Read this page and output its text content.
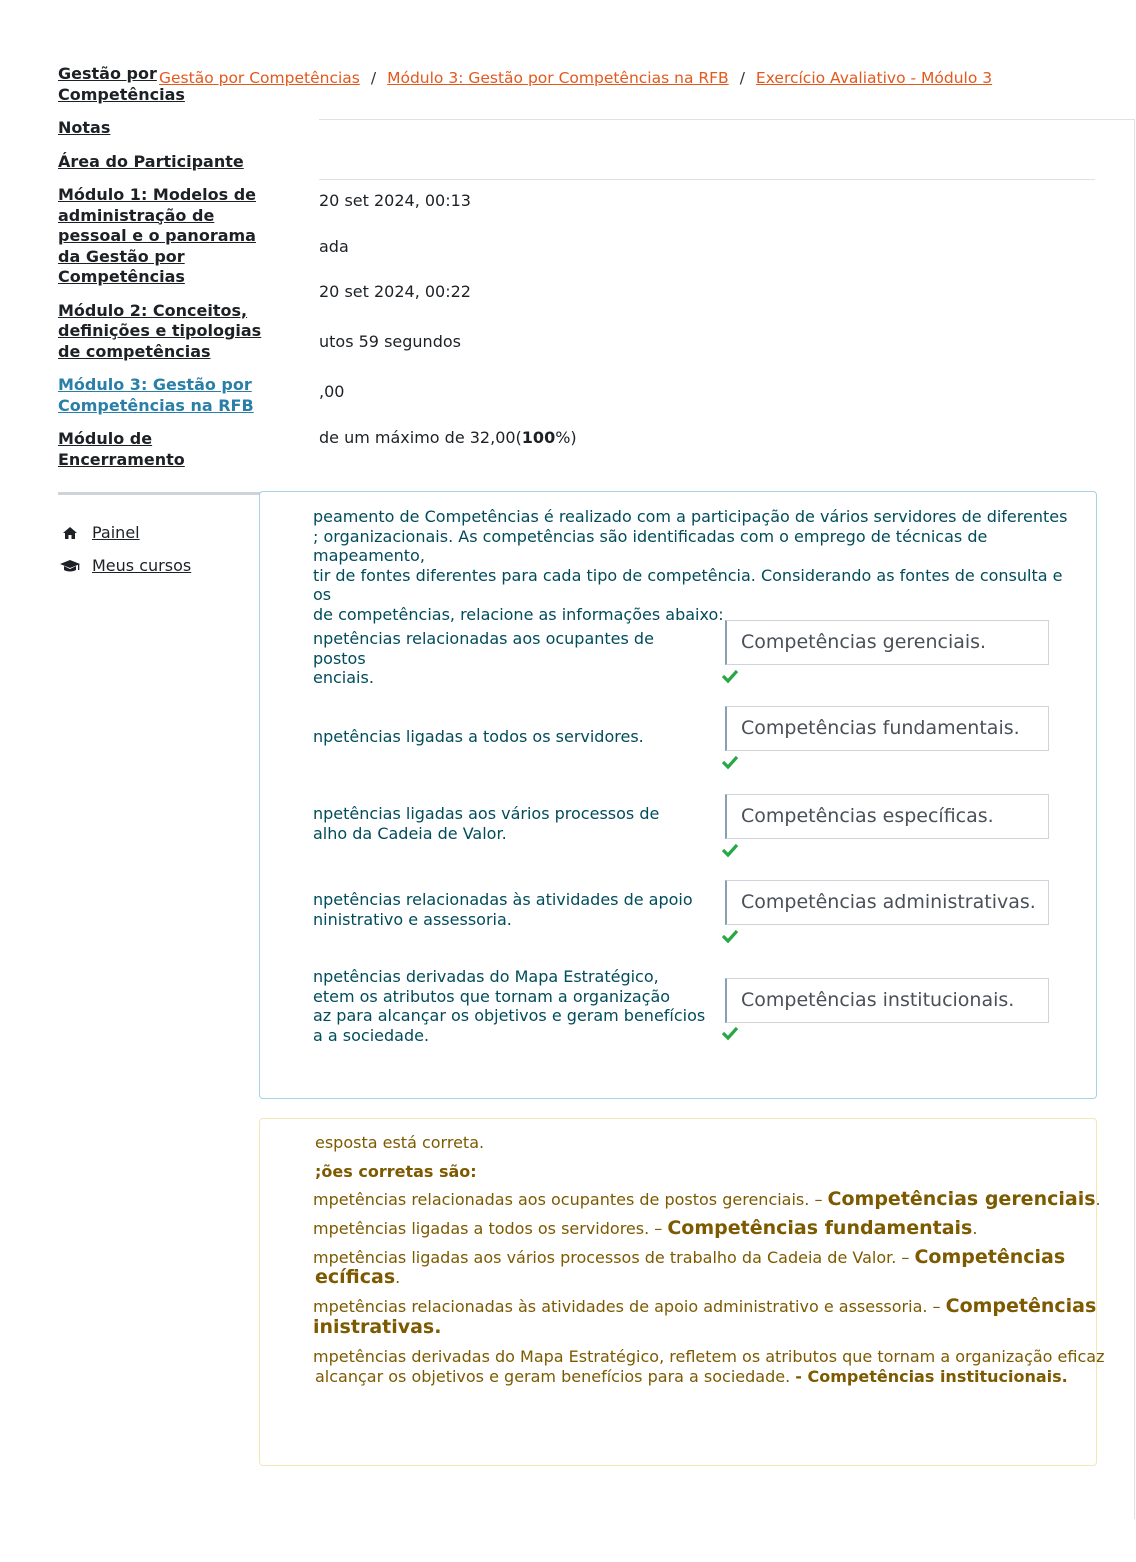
Gestão por Competências
Notas
Área do Participante
Módulo 1: Modelos de administração de pessoal e o panorama da Gestão por Competências
Módulo 2: Conceitos, definições e tipologias de competências
Módulo 3: Gestão por Competências na RFB
Módulo de Encerramento
Painel
Meus cursos
Gestão por Competências / Módulo 3: Gestão por Competências na RFB / Exercício Avaliativo - Módulo 3
20 set 2024, 00:13
ada
20 set 2024, 00:22
utos 59 segundos
,00
de um máximo de 32,00(100%)
peamento de Competências é realizado com a participação de vários servidores de diferentes
; organizacionais. As competências são identificadas com o emprego de técnicas de mapeamento,
tir de fontes diferentes para cada tipo de competência. Considerando as fontes de consulta e os
de competências, relacione as informações abaixo:
npetências relacionadas aos ocupantes de postos
enciais.
Competências gerenciais.
npetências ligadas a todos os servidores.	Competências fundamentais.
npetências ligadas aos vários processos de
alho da Cadeia de Valor.
Competências específicas.
npetências relacionadas às atividades de apoio
ninistrativo e assessoria.
Competências administrativas.
npetências derivadas do Mapa Estratégico,
etem os atributos que tornam a organização
az para alcançar os objetivos e geram benefícios
a a sociedade.
Competências institucionais.
esposta está correta.
;ões corretas são:
mpetências relacionadas aos ocupantes de postos gerenciais. – Competências gerenciais.
mpetências ligadas a todos os servidores. – Competências fundamentais.
mpetências ligadas aos vários processos de trabalho da Cadeia de Valor. – Competências
ecíficas.
mpetências relacionadas às atividades de apoio administrativo e assessoria. – Competências
inistrativas.
mpetências derivadas do Mapa Estratégico, refletem os atributos que tornam a organização eficaz
alcançar os objetivos e geram benefícios para a sociedade. - Competências institucionais.
